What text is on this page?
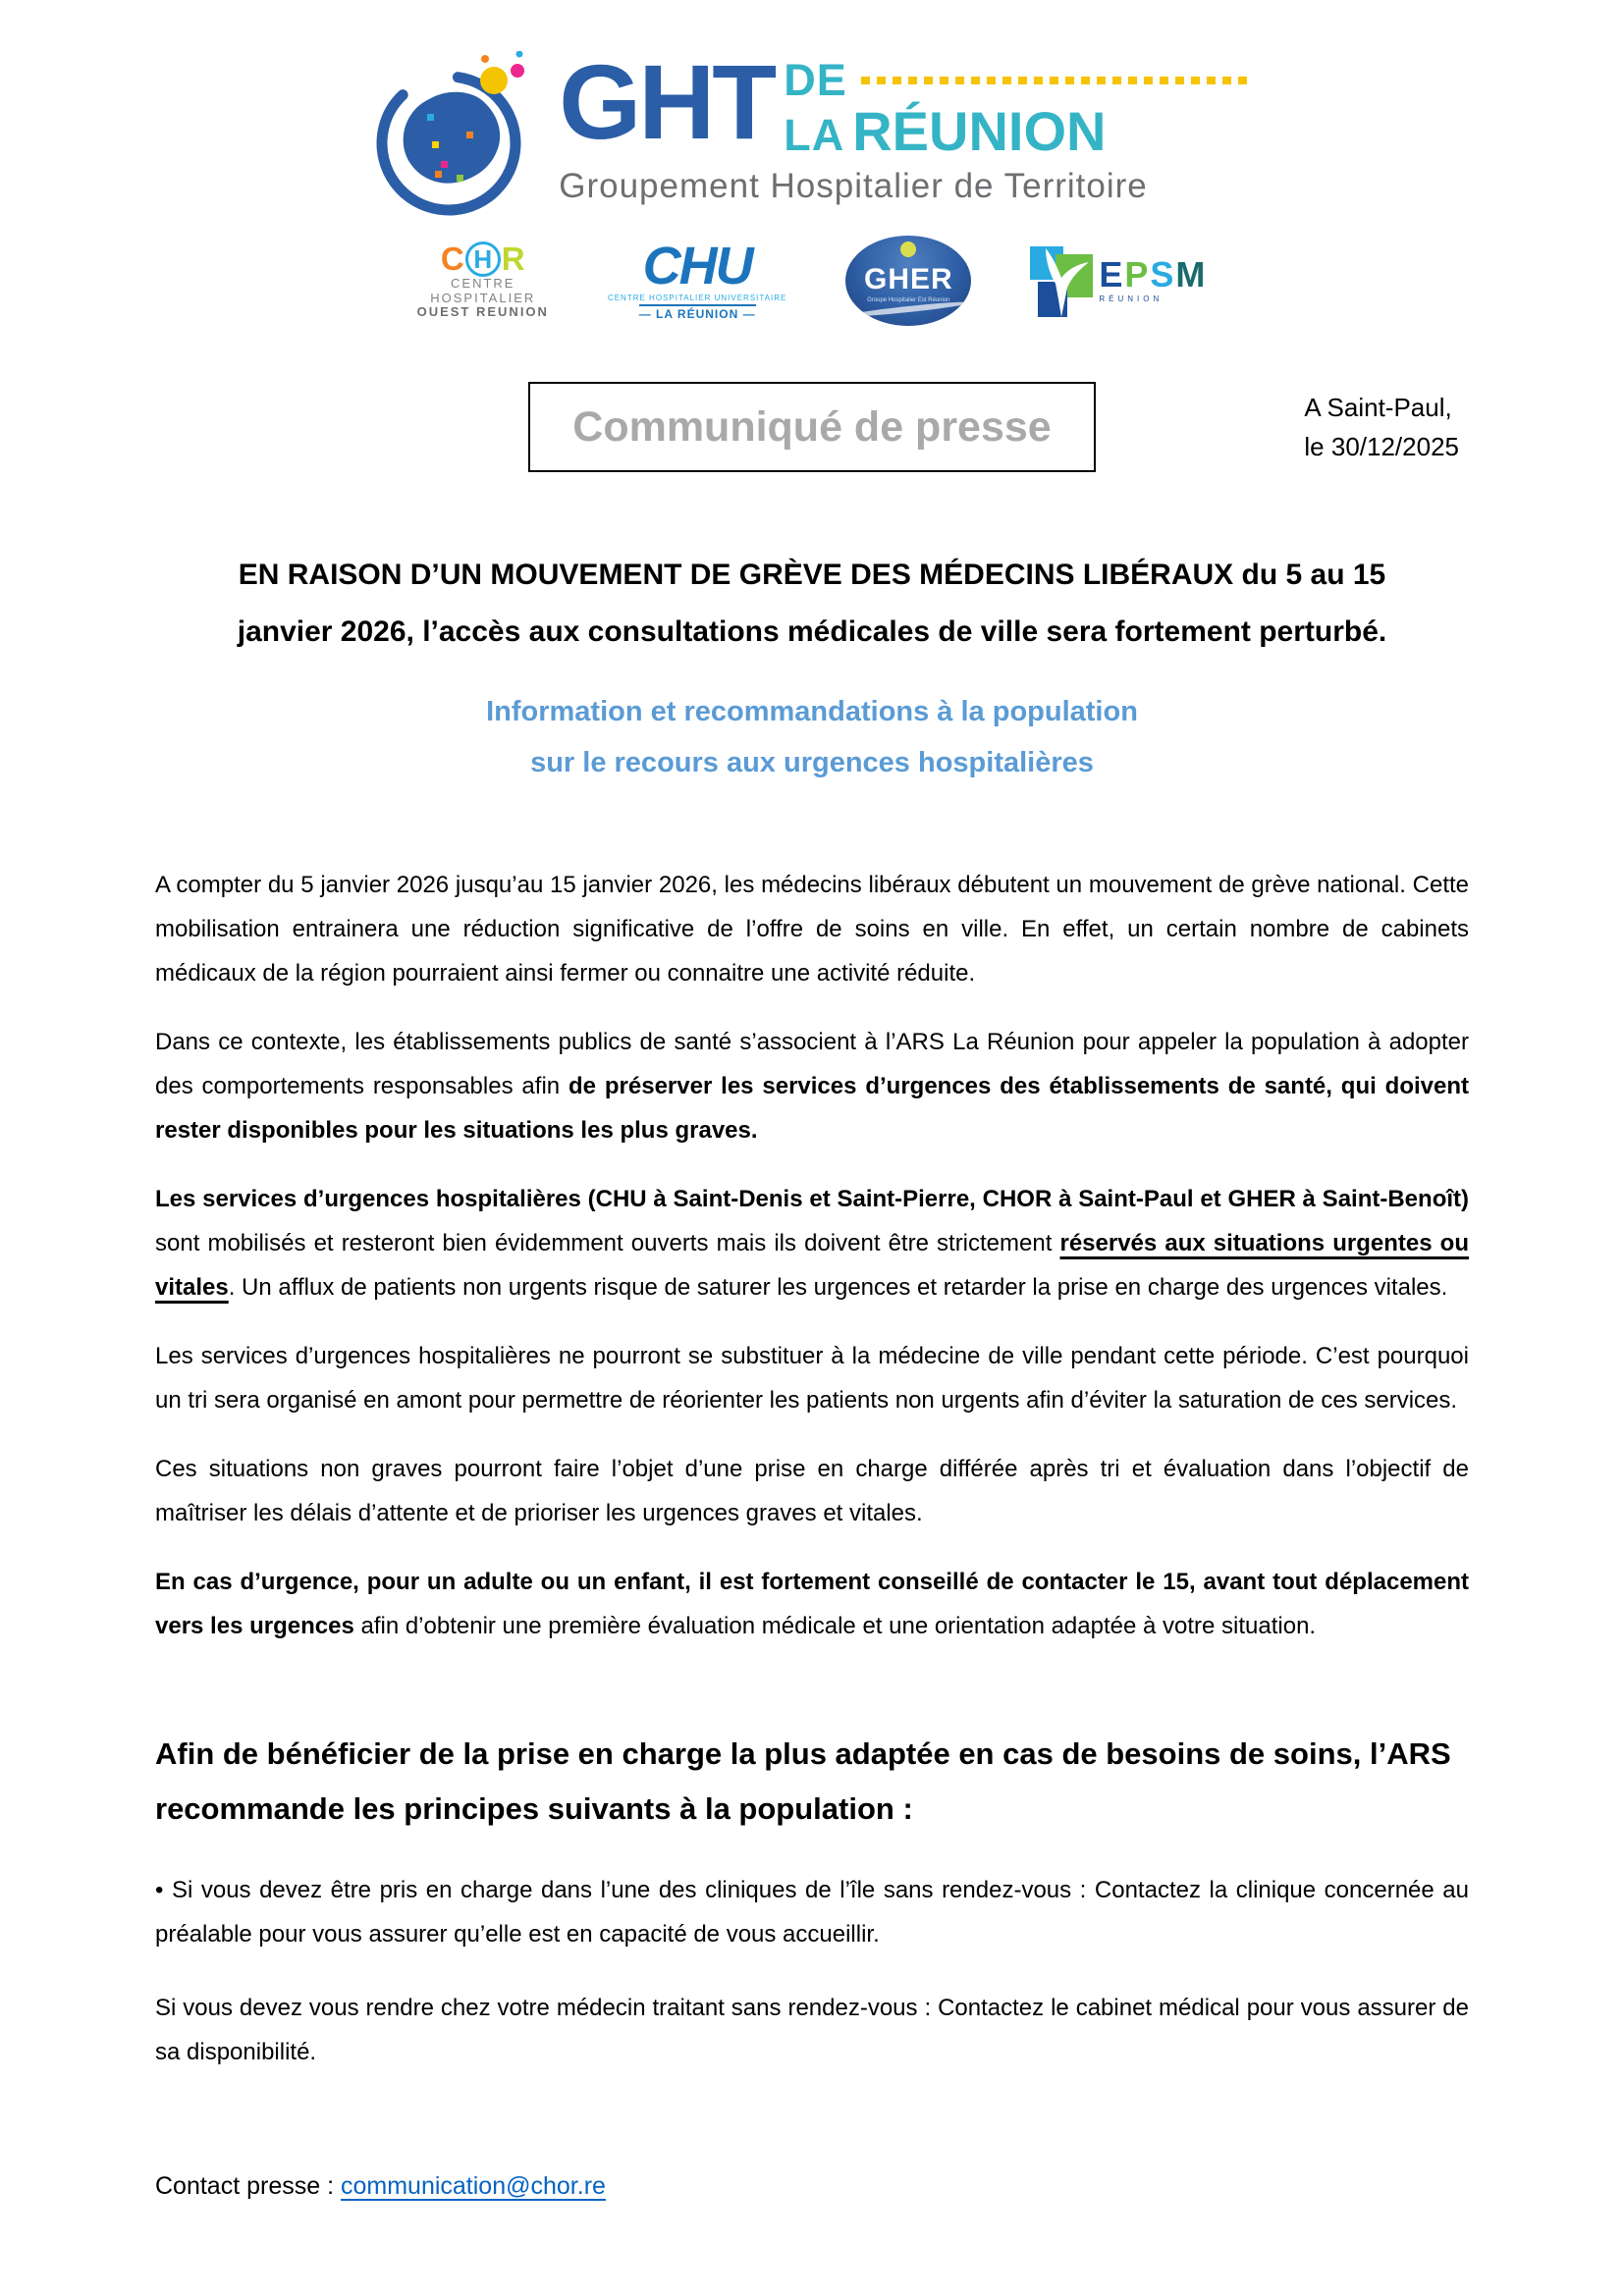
GHT DE
LA RÉUNION
Groupement Hospitalier de Territoire
C H R
CENTRE
HOSPITALIER
OUEST REUNION
CHU
CENTRE HOSPITALIER UNIVERSITAIRE
— LA RÉUNION —
GHER
Groupe Hospitalier Est Réunion
E P S M
RÉUNION
Communiqué de presse	A Saint-Paul,
le 30/12/2025
EN RAISON D’UN MOUVEMENT DE GRÈVE DES MÉDECINS LIBÉRAUX du 5 au 15
janvier 2026, l’accès aux consultations médicales de ville sera fortement perturbé.
Information et recommandations à la population
sur le recours aux urgences hospitalières

A compter du 5 janvier 2026 jusqu’au 15 janvier 2026, les médecins libéraux débutent un mouvement de grève national. Cette mobilisation entrainera une réduction significative de l’offre de soins en ville. En effet, un certain nombre de cabinets médicaux de la région pourraient ainsi fermer ou connaitre une activité réduite.

Dans ce contexte, les établissements publics de santé s’associent à l’ARS La Réunion pour appeler la population à adopter des comportements responsables afin de préserver les services d’urgences des établissements de santé, qui doivent rester disponibles pour les situations les plus graves.

Les services d’urgences hospitalières (CHU à Saint-Denis et Saint-Pierre, CHOR à Saint-Paul et GHER à Saint-Benoît) sont mobilisés et resteront bien évidemment ouverts mais ils doivent être strictement réservés aux situations urgentes ou vitales. Un afflux de patients non urgents risque de saturer les urgences et retarder la prise en charge des urgences vitales.

Les services d’urgences hospitalières ne pourront se substituer à la médecine de ville pendant cette période. C’est pourquoi un tri sera organisé en amont pour permettre de réorienter les patients non urgents afin d’éviter la saturation de ces services.

Ces situations non graves pourront faire l’objet d’une prise en charge différée après tri et évaluation dans l’objectif de maîtriser les délais d’attente et de prioriser les urgences graves et vitales.

En cas d’urgence, pour un adulte ou un enfant, il est fortement conseillé de contacter le 15, avant tout déplacement vers les urgences afin d’obtenir une première évaluation médicale et une orientation adaptée à votre situation.

Afin de bénéficier de la prise en charge la plus adaptée en cas de besoins de soins, l’ARS recommande les principes suivants à la population :

• Si vous devez être pris en charge dans l’une des cliniques de l’île sans rendez-vous : Contactez la clinique concernée au préalable pour vous assurer qu’elle est en capacité de vous accueillir.

Si vous devez vous rendre chez votre médecin traitant sans rendez-vous : Contactez le cabinet médical pour vous assurer de sa disponibilité.

Contact presse : communication@chor.re
